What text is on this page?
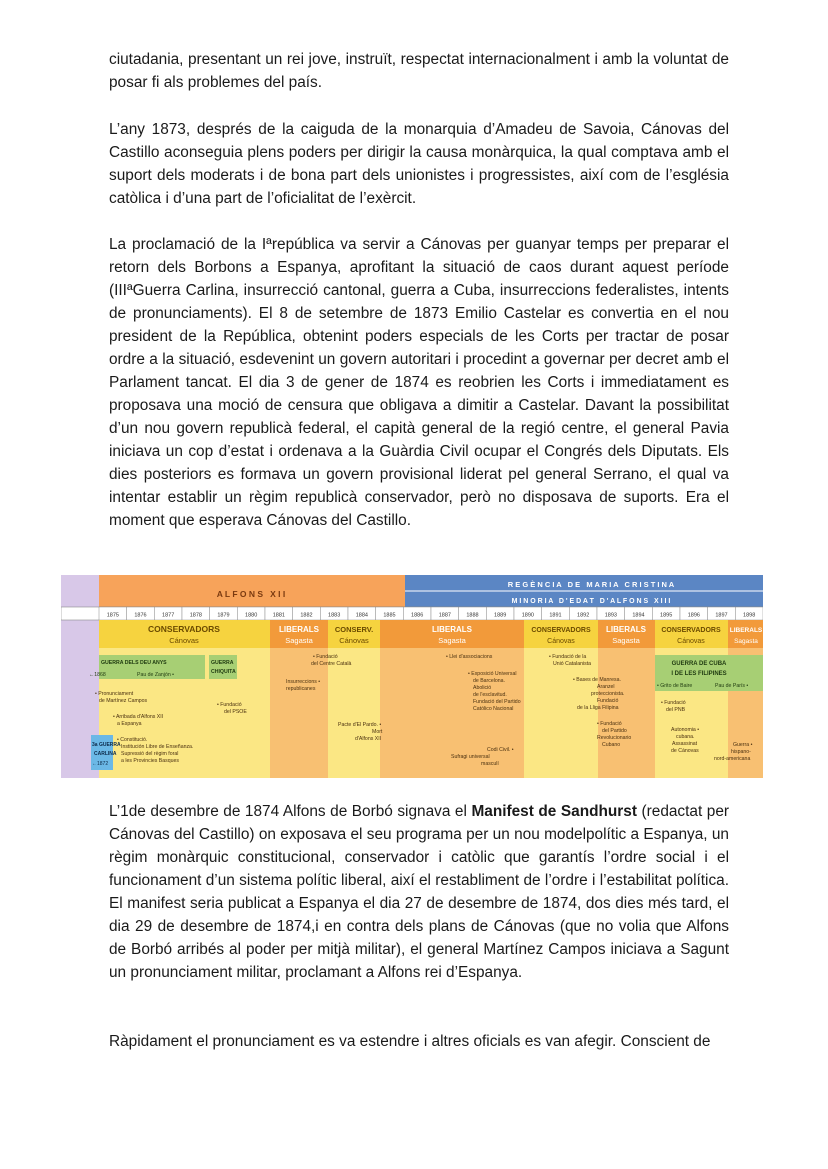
ciutadania, presentant un rei jove, instruït, respectat internacionalment i amb la voluntat de posar fi als problemes del país.

L’any 1873, després de la caiguda de la monarquia d’Amadeu de Savoia, Cánovas del Castillo aconseguia plens poders per dirigir la causa monàrquica, la qual comptava amb el suport dels moderats i de bona part dels unionistes i progressistes, així com de l’església catòlica i d’una part de l’oficialitat de l’exèrcit.

La proclamació de la Iªrepública va servir a Cánovas per guanyar temps per preparar el retorn dels Borbons a Espanya, aprofitant la situació de caos durant aquest període (IIIªGuerra Carlina, insurrecció cantonal, guerra a Cuba, insurreccions federalistes, intents de pronunciaments). El 8 de setembre de 1873 Emilio Castelar es convertia en el nou president de la República, obtenint poders especials de les Corts per tractar de posar ordre a la situació, esdevenint un govern autoritari i procedint a governar per decret amb el Parlament tancat. El dia 3 de gener de 1874 es reobrien les Corts i immediatament es proposava una moció de censura que obligava a dimitir a Castelar. Davant la possibilitat d’un nou govern republicà federal, el capità general de la regió centre, el general Pavia iniciava un cop d’estat i ordenava a la Guàrdia Civil ocupar el Congrés dels Diputats. Els dies posteriors es formava un govern provisional liderat pel general Serrano, el qual va intentar establir un règim republicà conservador, però no disposava de suports. Era el moment que esperava Cánovas del Castillo.

L’1de desembre de 1874 Alfons de Borbó signava el Manifest de Sandhurst (redactat per Cánovas del Castillo) on exposava el seu programa per un nou modelpolític a Espanya, un règim monàrquic constitucional, conservador i catòlic que garantís l’ordre social i el funcionament d’un sistema polític liberal, així el restabliment de l’ordre i l’estabilitat política. El manifest seria publicat a Espanya el dia 27 de desembre de 1874, dos dies més tard, el dia 29 de desembre de 1874,i en contra dels plans de Cánovas (que no volia que Alfons de Borbó arribés al poder per mitjà militar), el general Martínez Campos iniciava a Sagunt un pronunciament militar, proclamant a Alfons rei d’Espanya.

Ràpidament el pronunciament es va estendre i altres oficials es van afegir. Conscient de

A L F O N S   X I I
R E G È N C I A   D E   M A R I A   C R I S T I N A
M I N O R I A   D ' E D A T   D ' A L F O N S   X I I I
1875	1876	1877	1878	1879	1880	1881	1882	1883	1884	1885	1886	1887	1888	1889	1890	1891	1892	1893	1894	1895	1896	1897	1898
CONSERVADORS
Cánovas
LIBERALS
Sagasta
CONSERV.
Cánovas
LIBERALS
Sagasta
CONSERVADORS
Cánovas
LIBERALS
Sagasta
CONSERVADORS
Cánovas
LIBERALS
Sagasta
GUERRA DELS DEU ANYS
←1868	Pau de Zanjón •
GUERRA
CHIQUITA
GUERRA DE CUBA
I DE LES FILIPINES
• Grito de Baire	Pau de París •
3a GUERRA
CARLINA
←1872
• Pronunciament
de Martínez Campos
• Arribada d'Alfons XII
a Espanya
• Fundació
del PSOE
• Constitució.
Institución Libre de Enseñanza.
Supressió del règim foral
a les Provincies Basques
• Fundació
del Centre Català
Insurreccions •
republicanes
Pacte d'El Pardo. •
Mort
d'Alfons XII
• Llei d'associacions
• Exposició Universal
de Barcelona.
Abolició
de l'esclavitud.
Fundació del Partido
Católico Nacional
Codi Civil. •
Sufragi universal
masculí
• Fundació de la
Unió Catalanista
• Bases de Manresa.
Aranzel
proteccionista.
Fundació
de la Lliga Filipina
• Fundació
del Partido
Revolucionario
Cubano
• Fundació
del PNB
Autonomia •
cubana.
Assassinat
de Cánovas
Guerra •
hispano-
nord-americana
